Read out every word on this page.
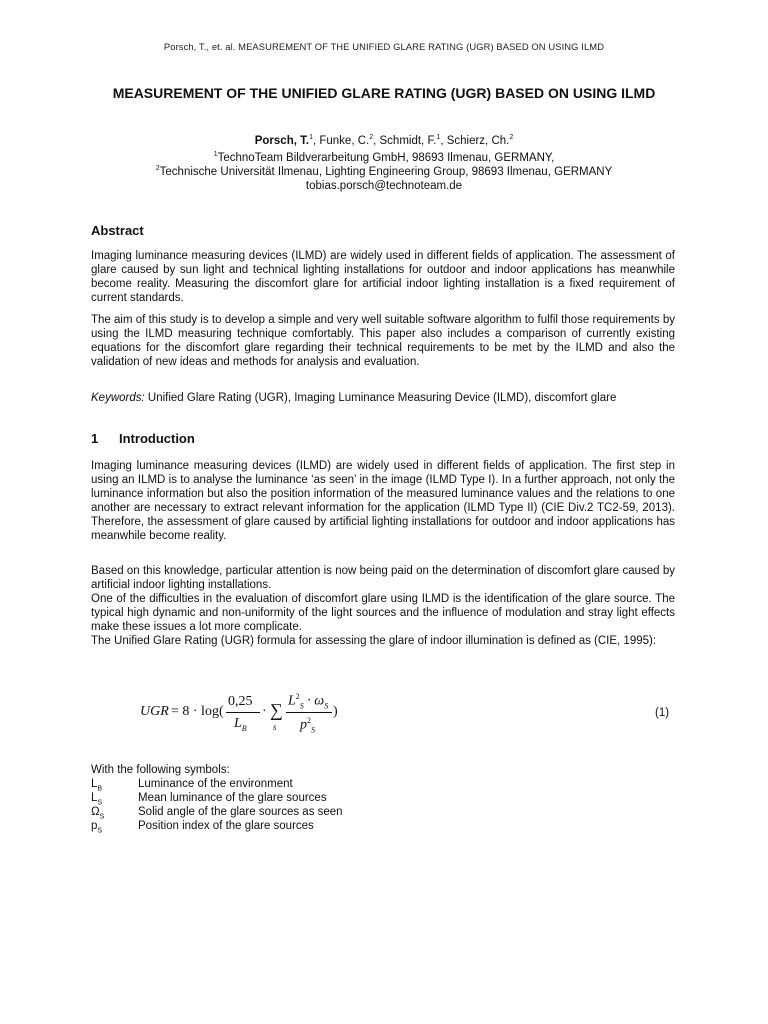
Porsch, T., et. al. MEASUREMENT OF THE UNIFIED GLARE RATING (UGR) BASED ON USING ILMD
MEASUREMENT OF THE UNIFIED GLARE RATING (UGR) BASED ON USING ILMD
Porsch, T.$^1$, Funke, C.$^2$, Schmidt, F.$^1$, Schierz, Ch.$^2$
$^1$TechnoTeam Bildverarbeitung GmbH, 98693 Ilmenau, GERMANY,
$^2$Technische Universität Ilmenau, Lighting Engineering Group, 98693 Ilmenau, GERMANY
tobias.porsch@technoteam.de
Abstract

Imaging luminance measuring devices (ILMD) are widely used in different fields of application. The assessment of glare caused by sun light and technical lighting installations for outdoor and indoor applications has meanwhile become reality. Measuring the discomfort glare for artificial indoor lighting installation is a fixed requirement of current standards.

The aim of this study is to develop a simple and very well suitable software algorithm to fulfil those requirements by using the ILMD measuring technique comfortably. This paper also includes a comparison of currently existing equations for the discomfort glare regarding their technical requirements to be met by the ILMD and also the validation of new ideas and methods for analysis and evaluation.

Keywords: Unified Glare Rating (UGR), Imaging Luminance Measuring Device (ILMD), discomfort glare

1 Introduction

Imaging luminance measuring devices (ILMD) are widely used in different fields of application. The first step in using an ILMD is to analyse the luminance ‘as seen’ in the image (ILMD Type I). In a further approach, not only the luminance information but also the position information of the measured luminance values and the relations to one another are necessary to extract relevant information for the application (ILMD Type II) (CIE Div.2 TC2-59, 2013). Therefore, the assessment of glare caused by artificial lighting installations for outdoor and indoor applications has meanwhile become reality.

Based on this knowledge, particular attention is now being paid on the determination of discomfort glare caused by artificial indoor lighting installations.

One of the difficulties in the evaluation of discomfort glare using ILMD is the identification of the glare source. The typical high dynamic and non-uniformity of the light sources and the influence of modulation and stray light effects make these issues a lot more complicate.

The Unified Glare Rating (UGR) formula for assessing the glare of indoor illumination is defined as (CIE, 1995):

UGR = 8 · log(
0,25
$L_B$
· ∑
s
$L^2_S \cdot \omega_S$
$p^2_S$
)	(1)
With the following symbols:
$L_B$	Luminance of the environment
$L_S$	Mean luminance of the glare sources
$\Omega_S$	Solid angle of the glare sources as seen
$p_S$	Position index of the glare sources
